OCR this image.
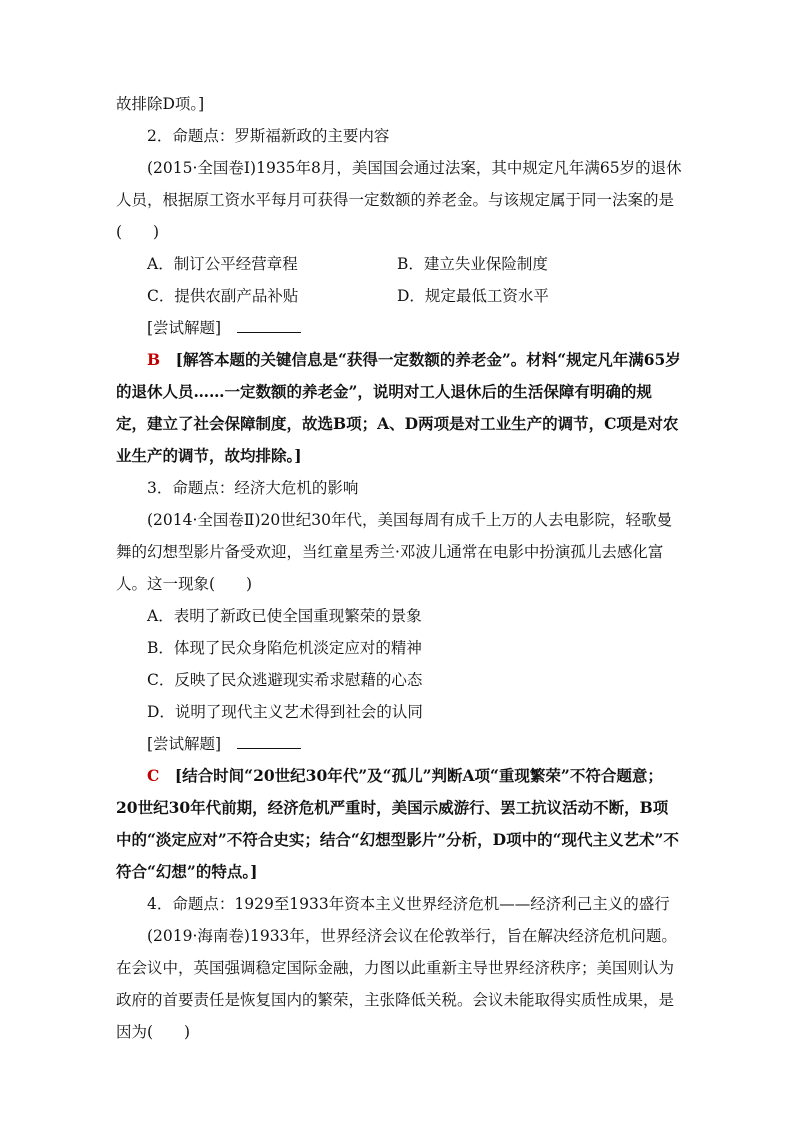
故排除D项。]

2．命题点：罗斯福新政的主要内容

(2015·全国卷Ⅰ)1935年8月，美国国会通过法案，其中规定凡年满65岁的退休人员，根据原工资水平每月可获得一定数额的养老金。与该规定属于同一法案的是(　　)

A．制订公平经营章程	B．建立失业保险制度
C．提供农副产品补贴	D．规定最低工资水平

[尝试解题]

B　[解答本题的关键信息是“获得一定数额的养老金”。材料“规定凡年满65岁的退休人员……一定数额的养老金”，说明对工人退休后的生活保障有明确的规定，建立了社会保障制度，故选B项；A、D两项是对工业生产的调节，C项是对农业生产的调节，故均排除。]

3．命题点：经济大危机的影响

(2014·全国卷Ⅱ)20世纪30年代，美国每周有成千上万的人去电影院，轻歌曼舞的幻想型影片备受欢迎，当红童星秀兰·邓波儿通常在电影中扮演孤儿去感化富人。这一现象(　　)

A．表明了新政已使全国重现繁荣的景象

B．体现了民众身陷危机淡定应对的精神

C．反映了民众逃避现实希求慰藉的心态

D．说明了现代主义艺术得到社会的认同

[尝试解题]

C　[结合时间“20世纪30年代”及“孤儿”判断A项“重现繁荣”不符合题意；20世纪30年代前期，经济危机严重时，美国示威游行、罢工抗议活动不断，B项中的“淡定应对”不符合史实；结合“幻想型影片”分析，D项中的“现代主义艺术”不符合“幻想”的特点。]

4．命题点：1929至1933年资本主义世界经济危机——经济利己主义的盛行

(2019·海南卷)1933年，世界经济会议在伦敦举行，旨在解决经济危机问题。在会议中，英国强调稳定国际金融，力图以此重新主导世界经济秩序；美国则认为政府的首要责任是恢复国内的繁荣，主张降低关税。会议未能取得实质性成果，是因为(　　)
